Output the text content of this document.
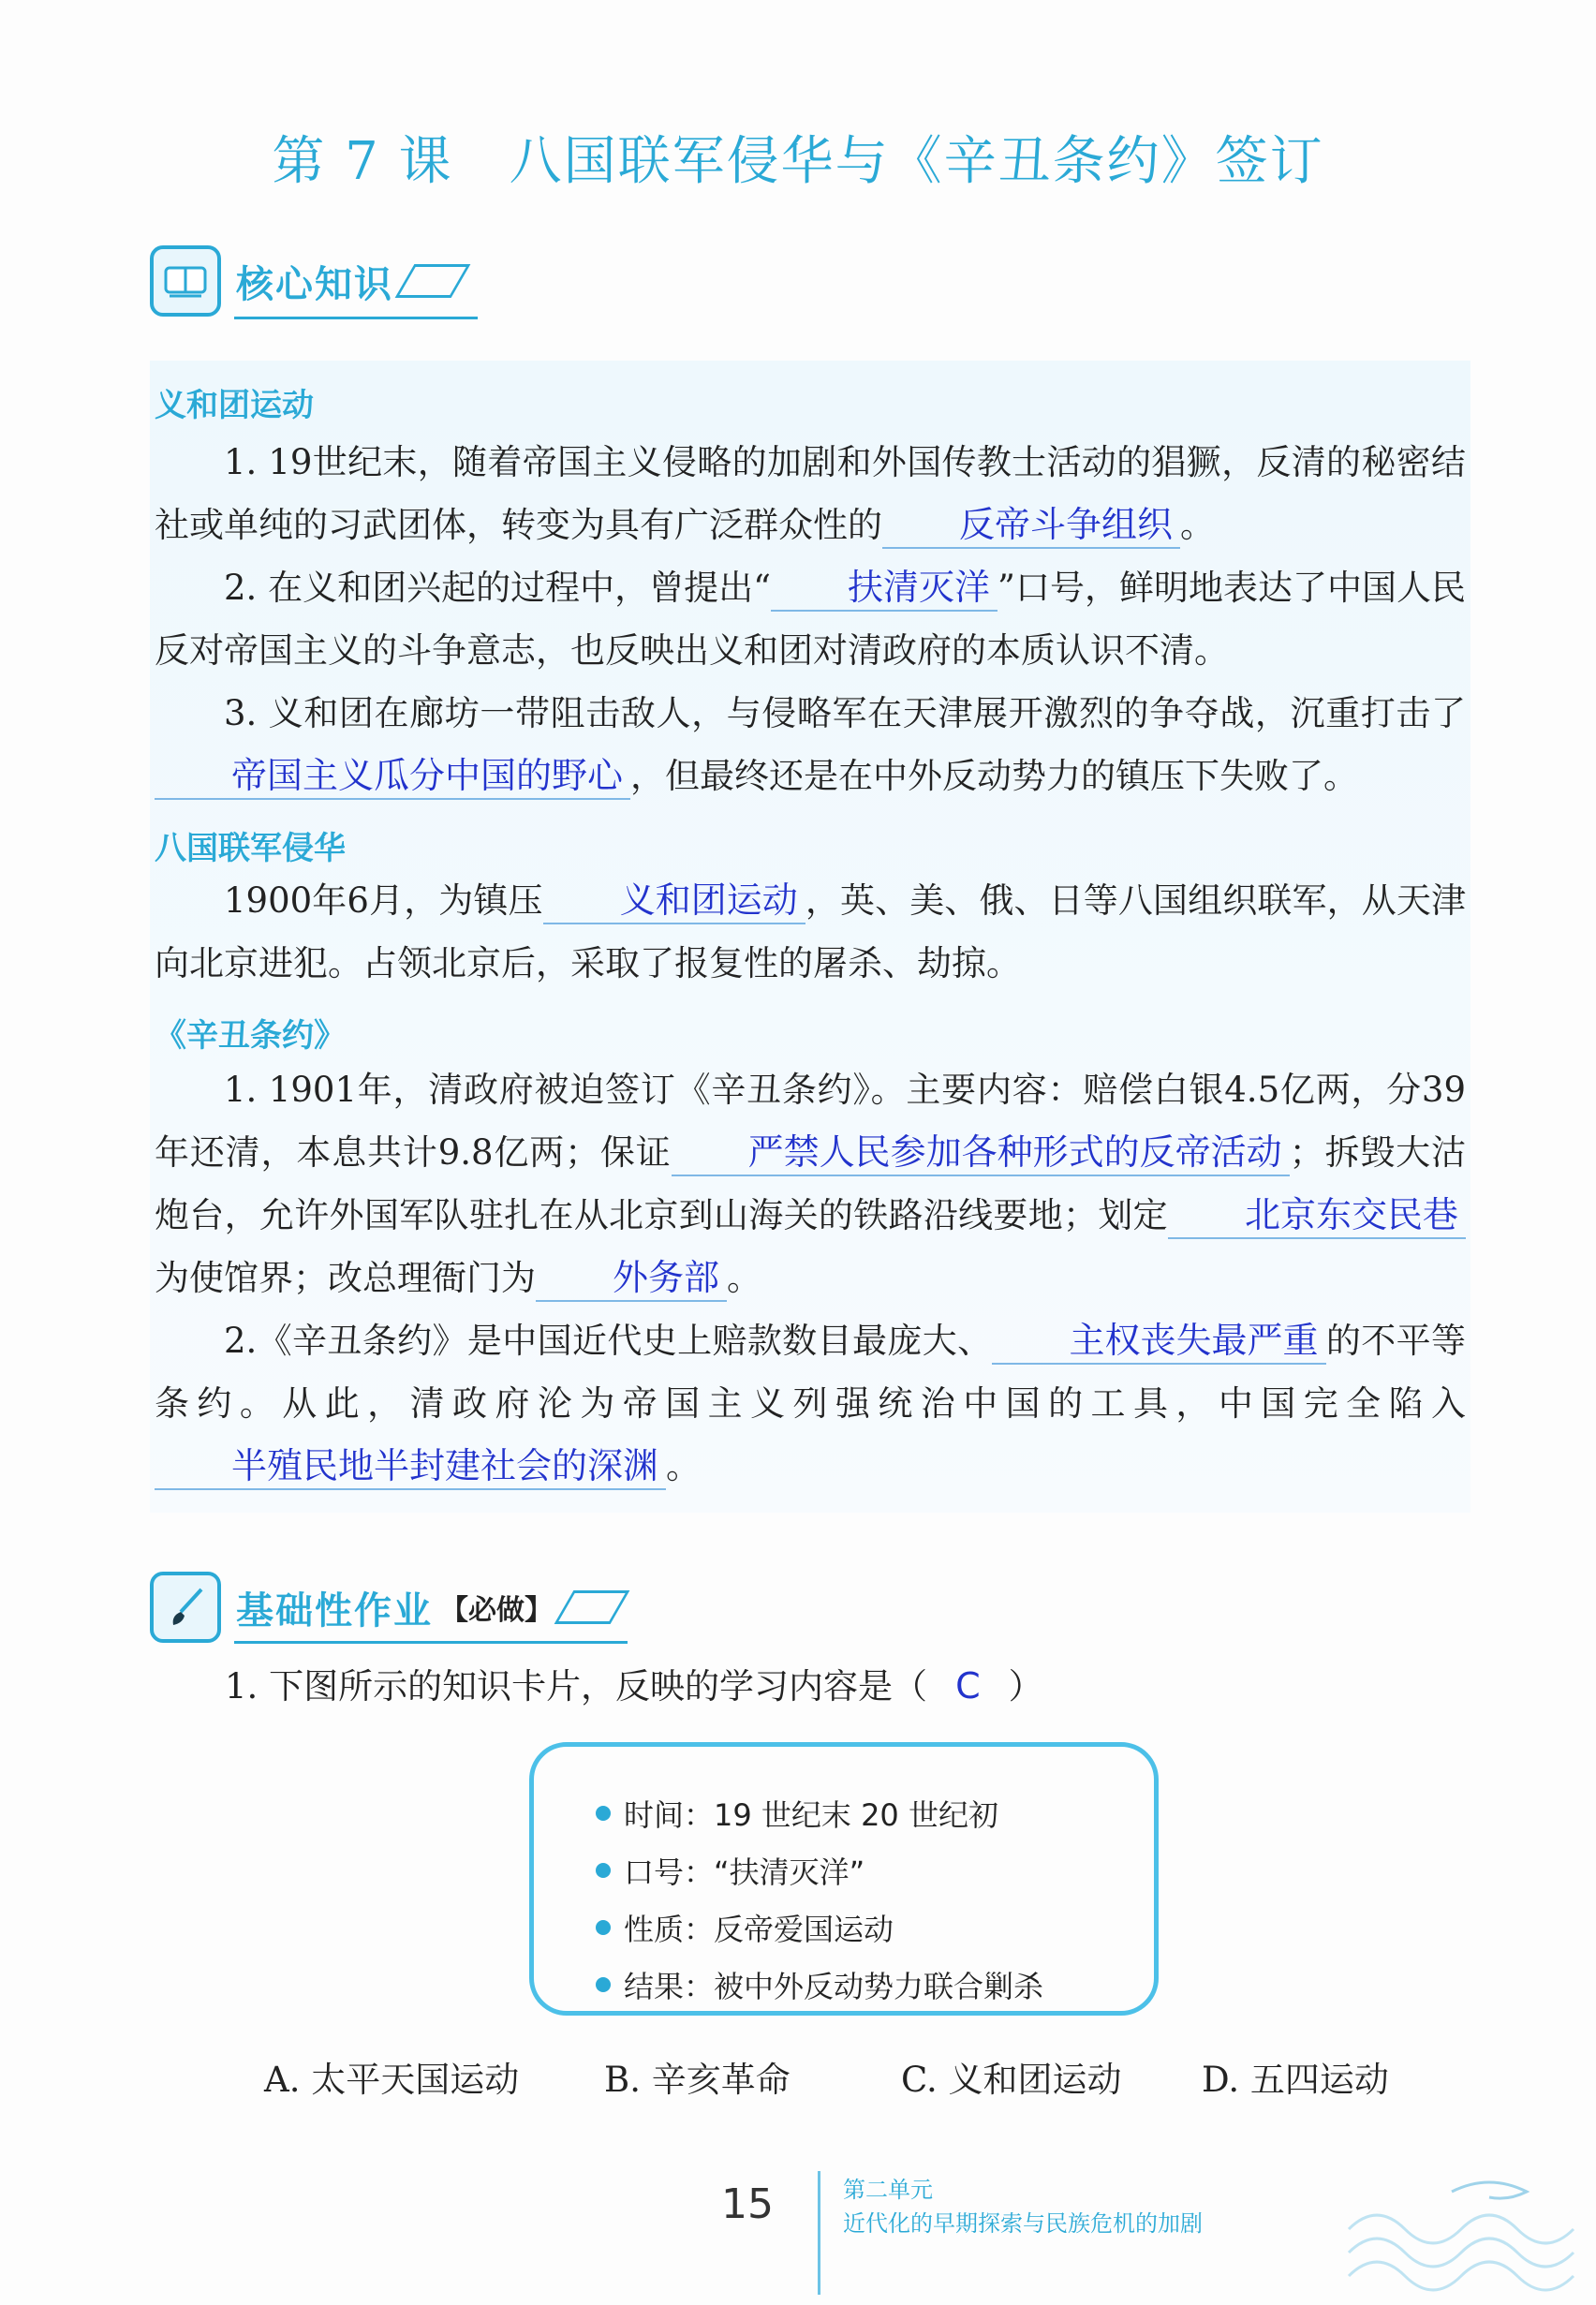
第 7 课 八国联军侵华与《辛丑条约》签订
核心知识
义和团运动
1. 19世纪末，随着帝国主义侵略的加剧和外国传教士活动的猖獗，反清的秘密结社或单纯的习武团体，转变为具有广泛群众性的 反帝斗争组织 。
2. 在义和团兴起的过程中，曾提出“ 扶清灭洋 ”口号，鲜明地表达了中国人民反对帝国主义的斗争意志，也反映出义和团对清政府的本质认识不清。
3. 义和团在廊坊一带阻击敌人，与侵略军在天津展开激烈的争夺战，沉重打击了帝国主义瓜分中国的野心 ，但最终还是在中外反动势力的镇压下失败了。
八国联军侵华
1900年6月，为镇压 义和团运动 ，英、美、俄、日等八国组织联军，从天津向北京进犯。占领北京后，采取了报复性的屠杀、劫掠。
《辛丑条约》
1. 1901年，清政府被迫签订《辛丑条约》。主要内容：赔偿白银4.5亿两，分39年还清，本息共计9.8亿两；保证 严禁人民参加各种形式的反帝活动 ；拆毁大沽炮台，允许外国军队驻扎在从北京到山海关的铁路沿线要地；划定 北京东交民巷为使馆界；改总理衙门为 外务部 。
2.《辛丑条约》是中国近代史上赔款数目最庞大、 主权丧失最严重 的不平等条约。从此，清政府沦为帝国主义列强统治中国的工具，中国完全陷入半殖民地半封建社会的深渊 。
基础性作业 【必做】
1. 下图所示的知识卡片，反映的学习内容是（ C ）
时间：19 世纪末 20 世纪初
口号：“扶清灭洋”
性质：反帝爱国运动
结果：被中外反动势力联合剿杀
A. 太平天国运动 B. 辛亥革命	C. 义和团运动 D. 五四运动
15	第二单元
近代化的早期探索与民族危机的加剧
